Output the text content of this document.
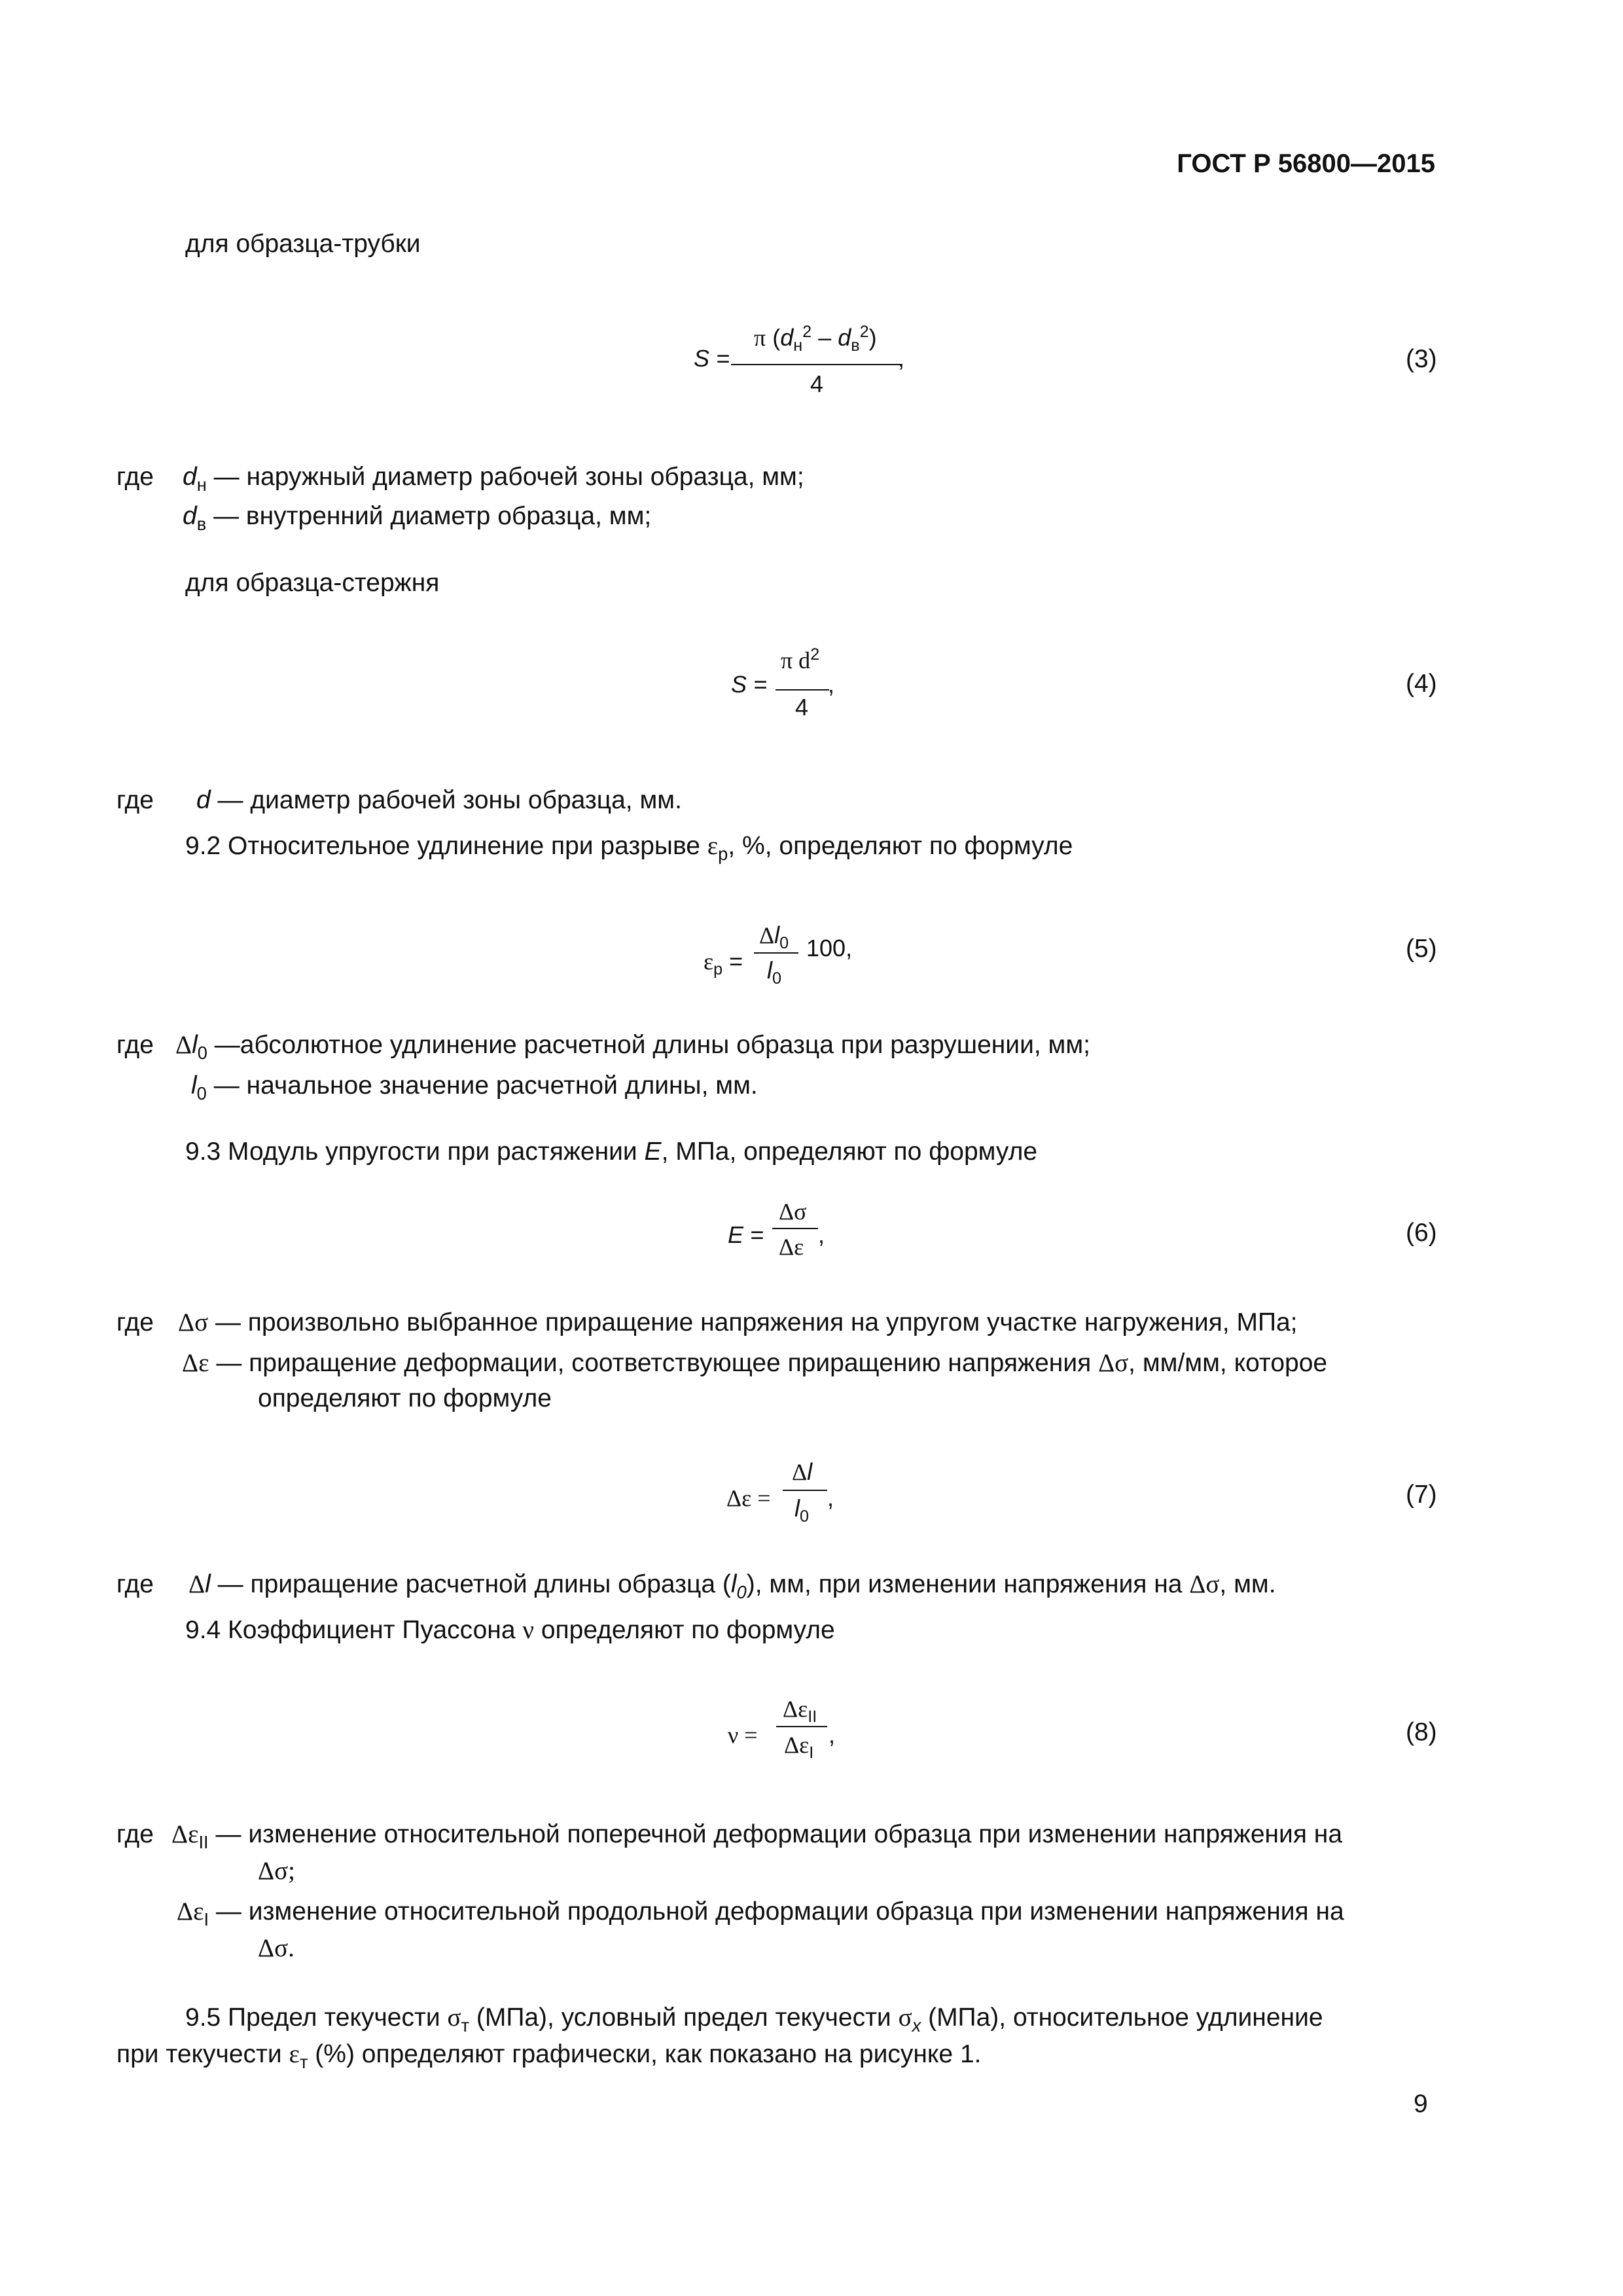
ГОСТ Р 56800—2015
для образца-трубки
S =
π $(d_н^2 - d_в^2)$
4
,	(3)
где $d_н$ — наружный диаметр рабочей зоны образца, мм;
$d_в$ — внутренний диаметр образца, мм;
для образца-стержня
S =
π $d^2$
4
,	(4)
где d — диаметр рабочей зоны образца, мм.
9.2 Относительное удлинение при разрыве $\varepsilon_р$, %, определяют по формуле
$\varepsilon_р$ =
$\Delta l_0$
$l_0$
100,	(5)
где $\Delta l_0$ —абсолютное удлинение расчетной длины образца при разрушении, мм;
$l_0$ — начальное значение расчетной длины, мм.
9.3 Модуль упругости при растяжении E, МПа, определяют по формуле
E =
Δσ
Δε ,	(6)
где Δσ — произвольно выбранное приращение напряжения на упругом участке нагружения, МПа;
Δε — приращение деформации, соответствующее приращению напряжения Δσ, мм/мм, которое
определяют по формуле
Δε =
Δl
$l_0$
,	(7)
где Δl — приращение расчетной длины образца $(l_0)$, мм, при изменении напряжения на Δσ, мм.
9.4 Коэффициент Пуассона ν определяют по формуле
ν =
$\Delta\varepsilon_{II}$
$\Delta\varepsilon_I$
,	(8)
где $\Delta\varepsilon_{II}$ — изменение относительной поперечной деформации образца при изменении напряжения на
Δσ;
$\Delta\varepsilon_I$ — изменение относительной продольной деформации образца при изменении напряжения на
Δσ.
9.5 Предел текучести $\sigma_т$ (МПа), условный предел текучести $\sigma_x$ (МПа), относительное удлинение
при текучести $\varepsilon_т$ (%) определяют графически, как показано на рисунке 1.
9
